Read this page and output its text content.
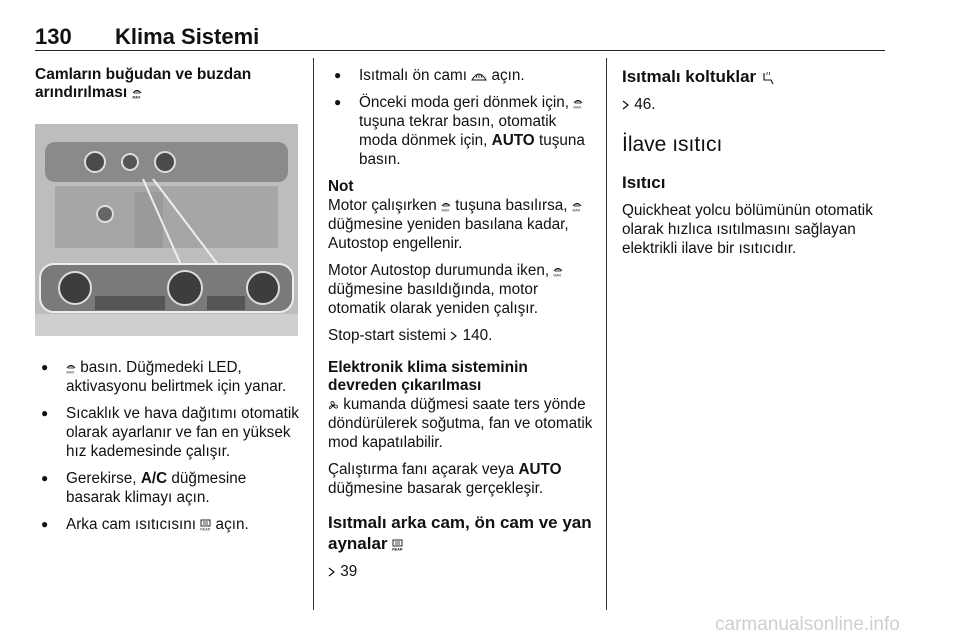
130 Klima Sistemi
Camların buğudan ve buzdan arındırılması MAX
● MAX basın. Düğmedeki LED, aktivasyonu belirtmek için yanar.
● Sıcaklık ve hava dağıtımı otomatik olarak ayarlanır ve fan en yüksek hız kademesinde çalışır.
● Gerekirse, A/C düğmesine basarak klimayı açın.
● Arka cam ısıtıcısını REAR açın.
● Isıtmalı ön camı  açın.
● Önceki moda geri dönmek için, MAX
tuşuna tekrar basın, otomatik moda dönmek için, AUTO tuşuna basın.

Not

Motor çalışırken MAX tuşuna basılırsa, MAX
düğmesine yeniden basılana kadar, Autostop engellenir.

Motor Autostop durumunda iken, MAX
düğmesine basıldığında, motor otomatik olarak yeniden çalışır.

Stop-start sistemi  140.

Elektronik klima sisteminin devreden çıkarılması

kumanda düğmesi saate ters yönde döndürülerek soğutma, fan ve otomatik mod kapatılabilir.

Çalıştırma fanı açarak veya AUTO düğmesine basarak gerçekleşir.

Isıtmalı arka cam, ön cam ve yan aynalar REAR

39

Isıtmalı koltuklar

46.

İlave ısıtıcı
Isıtıcı

Quickheat yolcu bölümünün otomatik olarak hızlıca ısıtılmasını sağlayan elektrikli ilave bir ısıtıcıdır.

carmanualsonline.info
